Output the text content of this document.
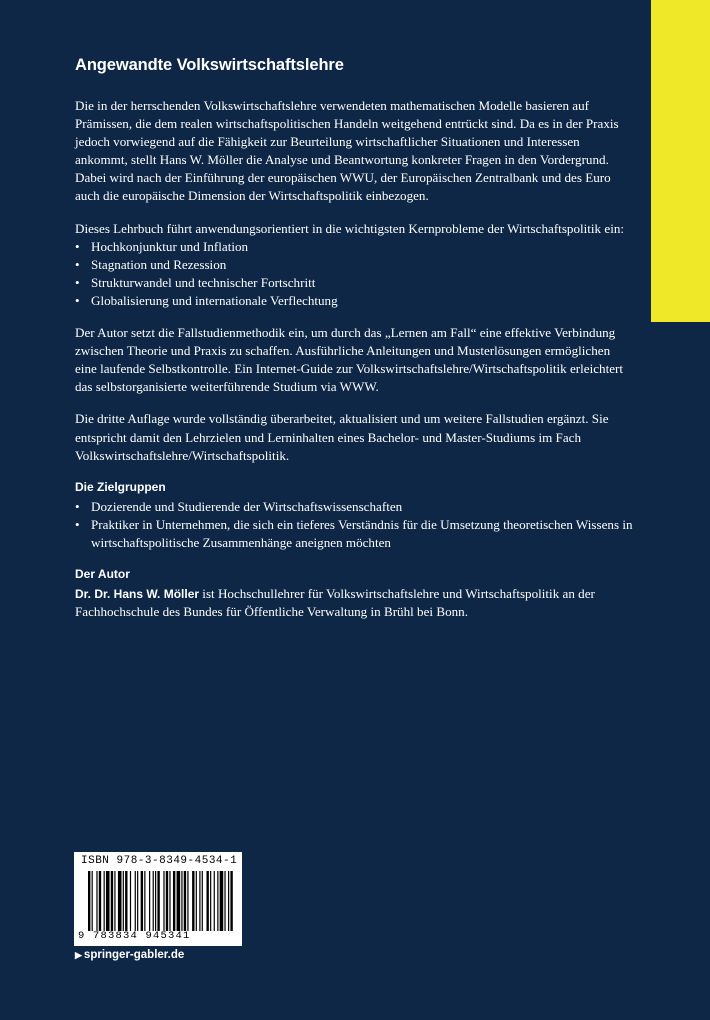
Angewandte Volkswirtschaftslehre

Die in der herrschenden Volkswirtschaftslehre verwendeten mathematischen Modelle basieren auf Prämissen, die dem realen wirtschaftspolitischen Handeln weitgehend entrückt sind. Da es in der Praxis jedoch vorwiegend auf die Fähigkeit zur Beurteilung wirtschaftlicher Situationen und Interessen ankommt, stellt Hans W. Möller die Analyse und Beantwortung konkreter Fragen in den Vordergrund. Dabei wird nach der Einführung der europäischen WWU, der Europäischen Zentralbank und des Euro auch die europäische Dimension der Wirtschaftspolitik einbezogen.

Dieses Lehrbuch führt anwendungsorientiert in die wichtigsten Kernprobleme der Wirtschaftspolitik ein:

• Hochkonjunktur und Inflation
• Stagnation und Rezession
• Strukturwandel und technischer Fortschritt
• Globalisierung und internationale Verflechtung

Der Autor setzt die Fallstudienmethodik ein, um durch das „Lernen am Fall“ eine effektive Verbindung zwischen Theorie und Praxis zu schaffen. Ausführliche Anleitungen und Musterlösungen ermöglichen eine laufende Selbstkontrolle. Ein Internet-Guide zur Volkswirtschaftslehre/Wirtschaftspolitik erleichtert das selbstorganisierte weiterführende Studium via WWW.

Die dritte Auflage wurde vollständig überarbeitet, aktualisiert und um weitere Fallstudien ergänzt. Sie entspricht damit den Lehrzielen und Lerninhalten eines Bachelor- und Master-Studiums im Fach Volkswirtschaftslehre/Wirtschaftspolitik.

Die Zielgruppen
• Dozierende und Studierende der Wirtschaftswissenschaften
• Praktiker in Unternehmen, die sich ein tieferes Verständnis für die Umsetzung theoretischen Wissens in wirtschaftspolitische Zusammenhänge aneignen möchten
Der Autor

Dr. Dr. Hans W. Möller ist Hochschullehrer für Volkswirtschaftslehre und Wirtschaftspolitik an der Fachhochschule des Bundes für Öffentliche Verwaltung in Brühl bei Bonn.

ISBN 978-3-8349-4534-1
9 783834 945341
▶ springer-gabler.de
